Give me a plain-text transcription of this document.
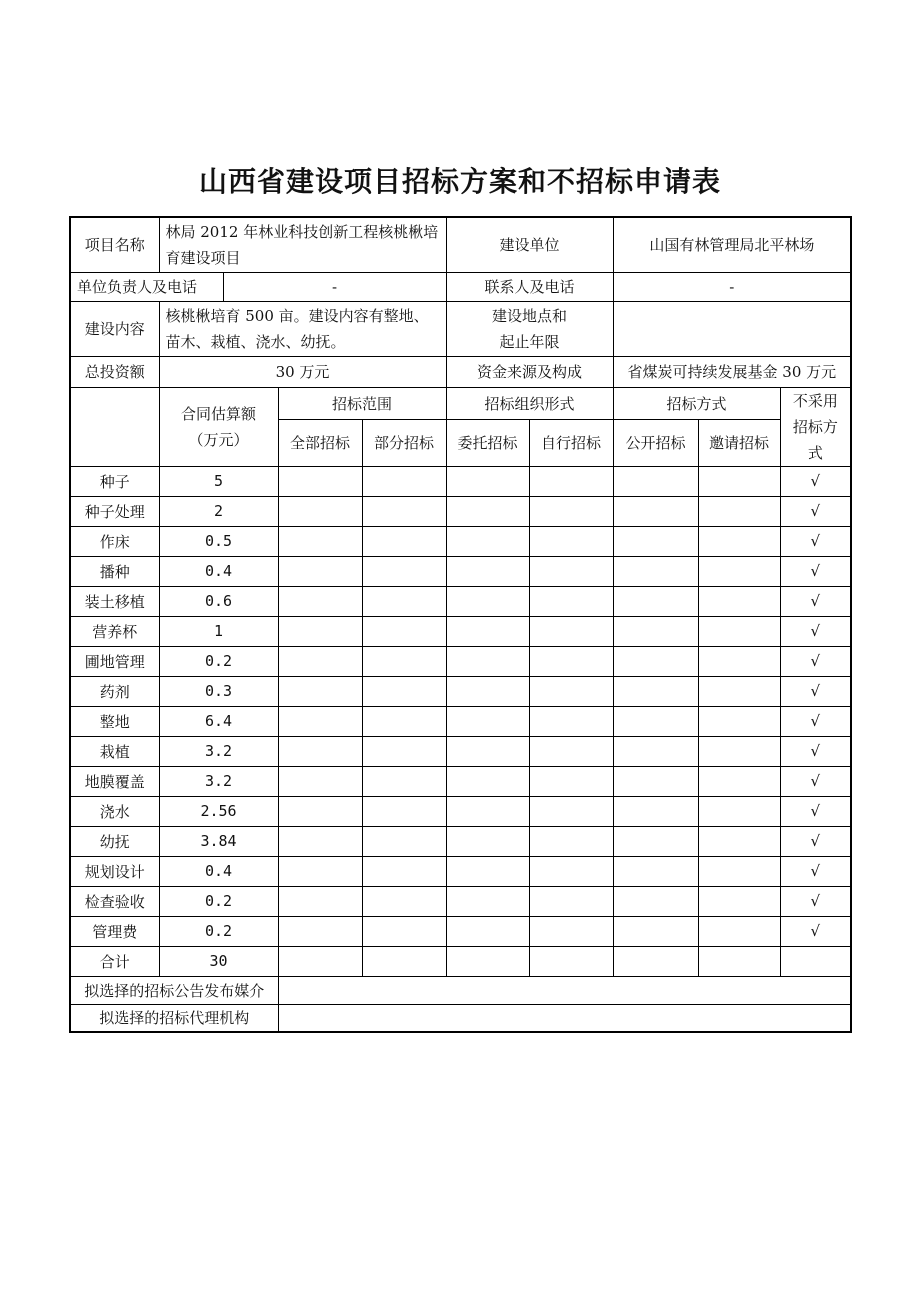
山西省建设项目招标方案和不招标申请表
项目名称	林局 2012 年林业科技创新工程核桃楸培育建设项目				建设单位		山国有林管理局北平林场		
单位负责人及电话		-			联系人及电话		-		
建设内容	核桃楸培育 500 亩。建设内容有整地、苗木、栽植、浇水、幼抚。				建设地点和起止年限				
总投资额	30 万元				资金来源及构成		省煤炭可持续发展基金 30 万元		
	合同估算额（万元）		招标范围		招标组织形式		招标方式		不采用招标方式
			全部招标	部分招标	委托招标	自行招标	公开招标	邀请招标	
种子	5								√
种子处理	2								√
作床	0.5								√
播种	0.4								√
装土移植	0.6								√
营养杯	1								√
圃地管理	0.2								√
药剂	0.3								√
整地	6.4								√
栽植	3.2								√
地膜覆盖	3.2								√
浇水	2.56								√
幼抚	3.84								√
规划设计	0.4								√
检查验收	0.2								√
管理费	0.2								√
合计	30								
拟选择的招标公告发布媒介									
拟选择的招标代理机构									
